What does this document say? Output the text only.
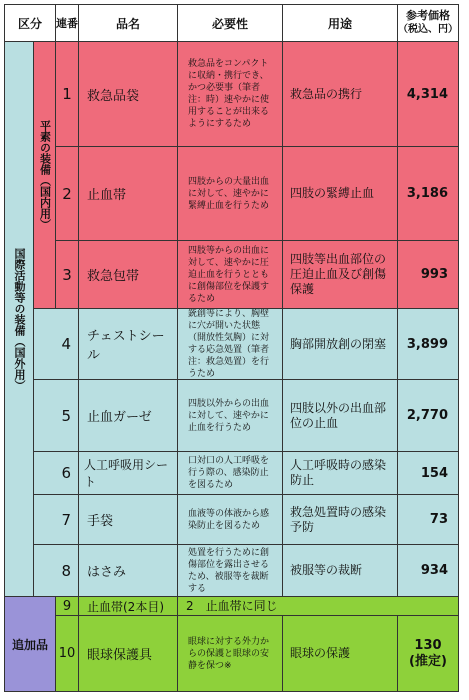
区分	連番	品名	必要性	用途
参考価格
（税込、円）
国際活動等の装備（国外用）
平素の装備（国内用）
追加品
1	救急品袋
救急品をコンパクトに収納・携行でき、かつ必要事（筆者注：時）速やかに使用することが出来るようにするため
救急品の携行	4,314
2	止血帯
四肢からの大量出血に対して、速やかに緊縛止血を行うため
四肢の緊縛止血	3,186
3	救急包帯
四肢等からの出血に対して、速やかに圧迫止血を行うとともに創傷部位を保護するため
四肢等出血部位の圧迫止血及び創傷保護
993
4	チェストシール
銃創等により、胸壁に穴が開いた状態（開放性気胸）に対する応急処置（筆者注：救急処置）を行うため
胸部開放創の閉塞	3,899
5	止血ガーゼ
四肢以外からの出血に対して、速やかに止血を行うため
四肢以外の出血部位の止血	2,770
6	人工呼吸用シート
口対口の人工呼吸を行う際の、感染防止を図るため
人工呼吸時の感染防止	154
7	手袋
血液等の体液から感染防止を図るため
救急処置時の感染予防	73
8	はさみ
処置を行うために創傷部位を露出させるため、被服等を裁断する
被服等の裁断	934
9	止血帯(2本目)	2　止血帯に同じ
10 眼球保護具
眼球に対する外力からの保護と眼球の安静を保つ※
眼球の保護
130
(推定)
